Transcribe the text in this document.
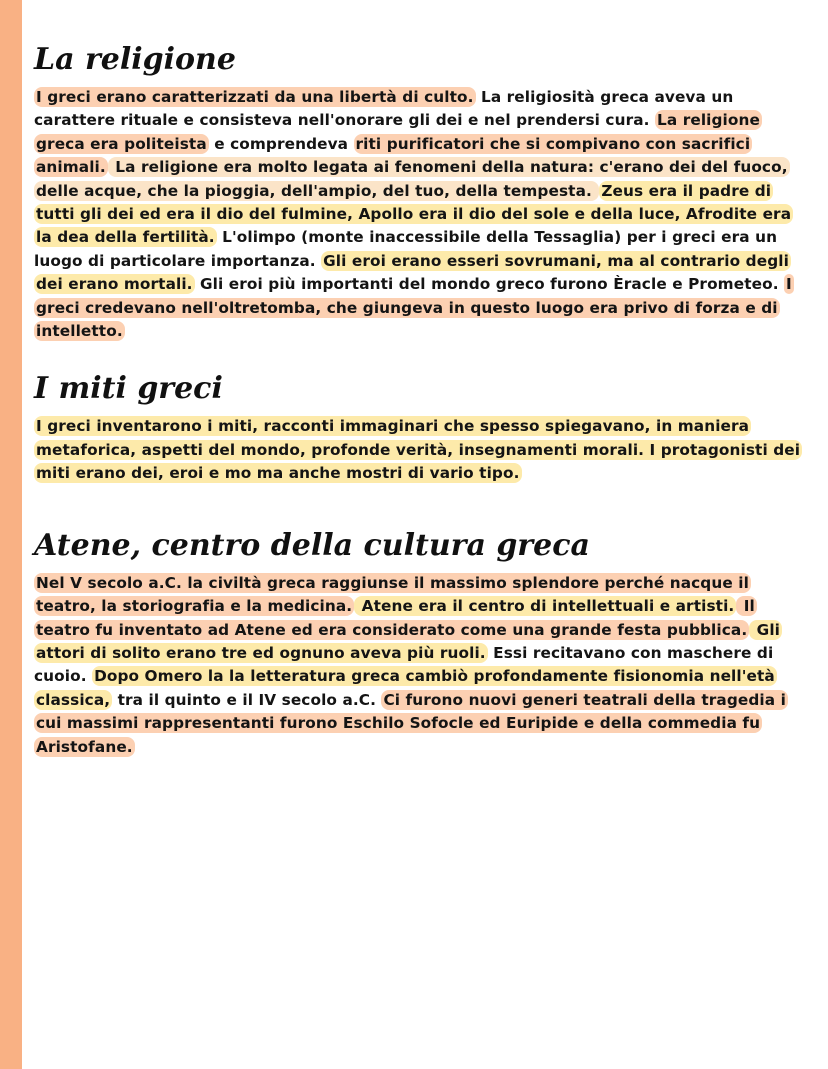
La religione

I greci erano caratterizzati da una libertà di culto. La religiosità greca aveva un carattere rituale e consisteva nell'onorare gli dei e nel prendersi cura. La religione greca era politeista e comprendeva riti purificatori che si compivano con sacrifici animali. La religione era molto legata ai fenomeni della natura: c'erano dei del fuoco, delle acque, che la pioggia, dell'ampio, del tuo, della tempesta. Zeus era il padre di tutti gli dei ed era il dio del fulmine, Apollo era il dio del sole e della luce, Afrodite era la dea della fertilità. L'olimpo (monte inaccessibile della Tessaglia) per i greci era un luogo di particolare importanza. Gli eroi erano esseri sovrumani, ma al contrario degli dei erano mortali. Gli eroi più importanti del mondo greco furono Èracle e Prometeo. I greci credevano nell'oltretomba, che giungeva in questo luogo era privo di forza e di intelletto.

I miti greci

I greci inventarono i miti, racconti immaginari che spesso spiegavano, in maniera metaforica, aspetti del mondo, profonde verità, insegnamenti morali. I protagonisti dei miti erano dei, eroi e mo ma anche mostri di vario tipo.

Atene, centro della cultura greca

Nel V secolo a.C. la civiltà greca raggiunse il massimo splendore perché nacque il teatro, la storiografia e la medicina. Atene era il centro di intellettuali e artisti. Il teatro fu inventato ad Atene ed era considerato come una grande festa pubblica. Gli attori di solito erano tre ed ognuno aveva più ruoli. Essi recitavano con maschere di cuoio. Dopo Omero la la letteratura greca cambiò profondamente fisionomia nell'età classica, tra il quinto e il IV secolo a.C. Ci furono nuovi generi teatrali della tragedia i cui massimi rappresentanti furono Eschilo Sofocle ed Euripide e della commedia fu Aristofane.
